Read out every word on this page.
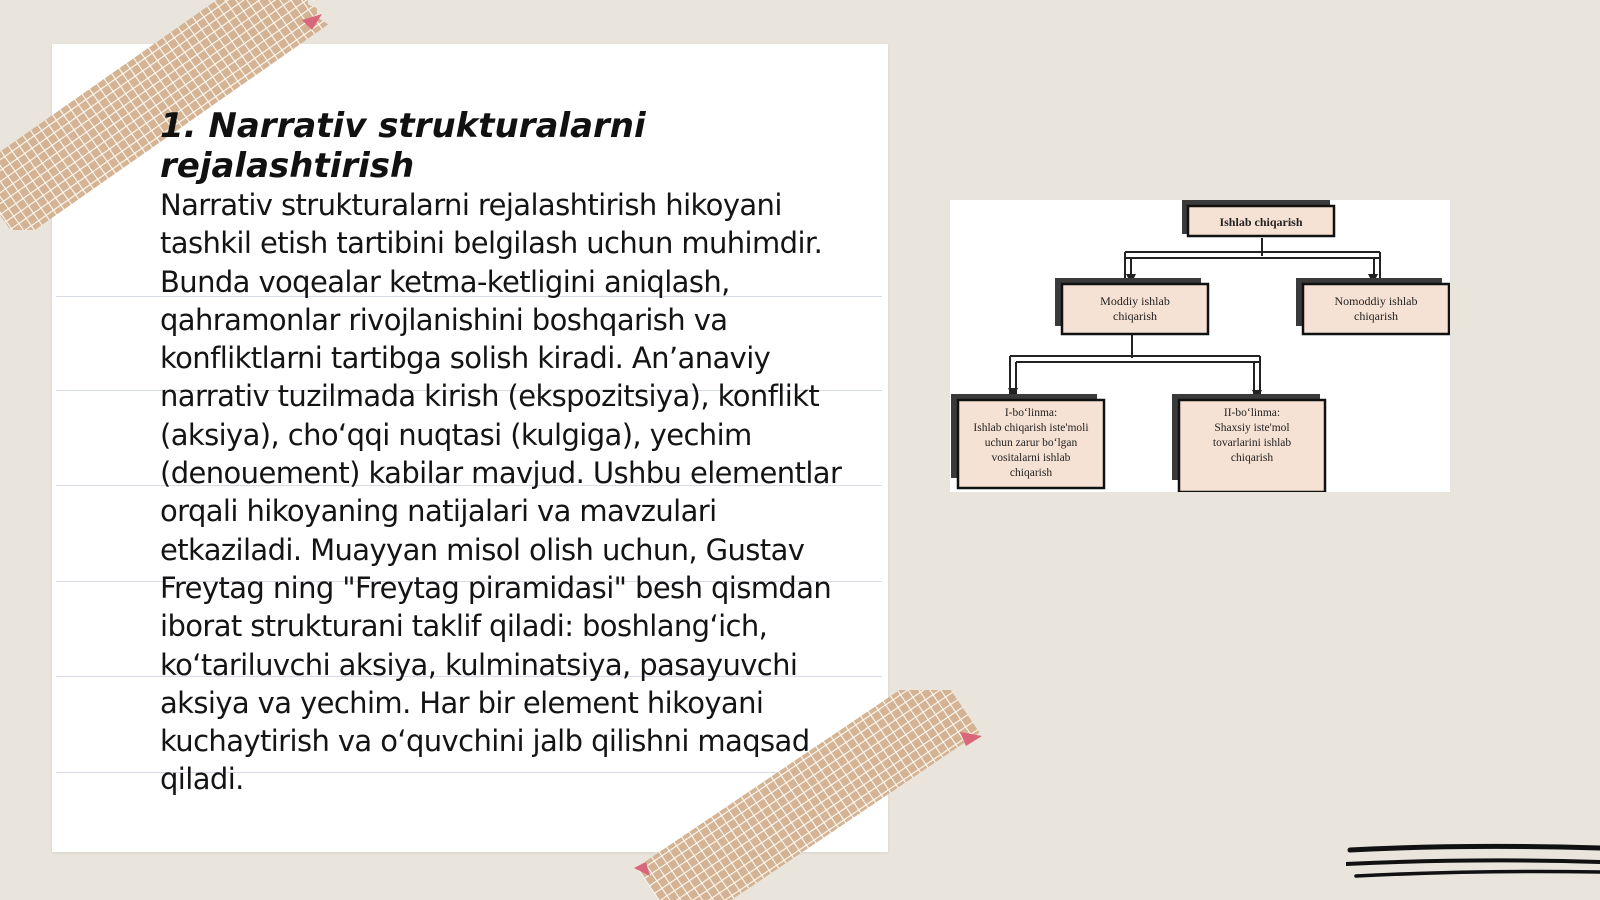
1. Narrativ strukturalarni rejalashtirish

Narrativ strukturalarni rejalashtirish hikoyani tashkil etish tartibini belgilash uchun muhimdir. Bunda voqealar ketma-ketligini aniqlash, qahramonlar rivojlanishini boshqarish va konfliktlarni tartibga solish kiradi. An’anaviy narrativ tuzilmada kirish (ekspozitsiya), konflikt (aksiya), cho‘qqi nuqtasi (kulgiga), yechim (denouement) kabilar mavjud. Ushbu elementlar orqali hikoyaning natijalari va mavzulari etkaziladi. Muayyan misol olish uchun, Gustav Freytag ning "Freytag piramidasi" besh qismdan iborat strukturani taklif qiladi: boshlang‘ich, ko‘tariluvchi aksiya, kulminatsiya, pasayuvchi aksiya va yechim. Har bir element hikoyani kuchaytirish va o‘quvchini jalb qilishni maqsad qiladi.

Ishlab chiqarish
Moddiy ishlab
chiqarish
Nomoddiy ishlab
chiqarish
I-bo‘linma:
Ishlab chiqarish iste'moli
uchun zarur bo‘lgan
vositalarni ishlab
chiqarish
II-bo‘linma:
Shaxsiy iste'mol
tovarlarini ishlab
chiqarish
